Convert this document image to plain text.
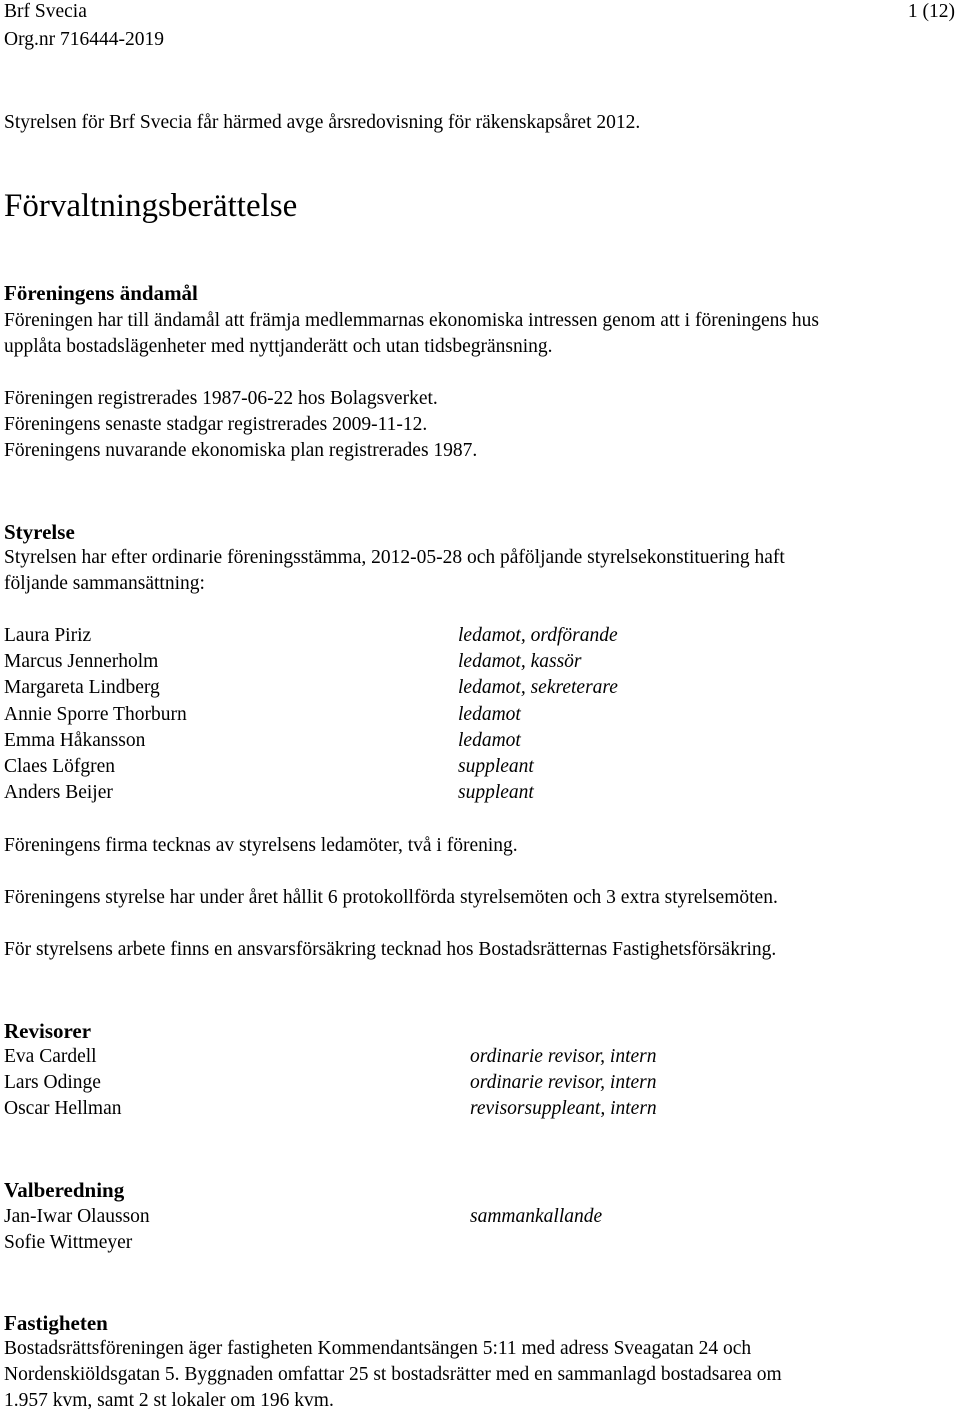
Brf Svecia
Org.nr 716444-2019
1 (12)
Styrelsen för Brf Svecia får härmed avge årsredovisning för räkenskapsåret 2012.
Förvaltningsberättelse
Föreningens ändamål
Föreningen har till ändamål att främja medlemmarnas ekonomiska intressen genom att i föreningens hus
upplåta bostadslägenheter med nyttjanderätt och utan tidsbegränsning.
Föreningen registrerades 1987-06-22 hos Bolagsverket.
Föreningens senaste stadgar registrerades 2009-11-12.
Föreningens nuvarande ekonomiska plan registrerades 1987.
Styrelse
Styrelsen har efter ordinarie föreningsstämma, 2012-05-28 och påföljande styrelsekonstituering haft
följande sammansättning:
Laura Piriz
Marcus Jennerholm
Margareta Lindberg
Annie Sporre Thorburn
Emma Håkansson
Claes Löfgren
Anders Beijer
ledamot, ordförande
ledamot, kassör
ledamot, sekreterare
ledamot
ledamot
suppleant
suppleant
Föreningens firma tecknas av styrelsens ledamöter, två i förening.
Föreningens styrelse har under året hållit 6 protokollförda styrelsemöten och 3 extra styrelsemöten.
För styrelsens arbete finns en ansvarsförsäkring tecknad hos Bostadsrätternas Fastighetsförsäkring.
Revisorer
Eva Cardell
Lars Odinge
Oscar Hellman
ordinarie revisor, intern
ordinarie revisor, intern
revisorsuppleant, intern
Valberedning
Jan-Iwar Olausson
Sofie Wittmeyer
sammankallande
Fastigheten
Bostadsrättsföreningen äger fastigheten Kommendantsängen 5:11 med adress Sveagatan 24 och
Nordenskiöldsgatan 5. Byggnaden omfattar 25 st bostadsrätter med en sammanlagd bostadsarea om
1.957 kvm, samt 2 st lokaler om 196 kvm.
